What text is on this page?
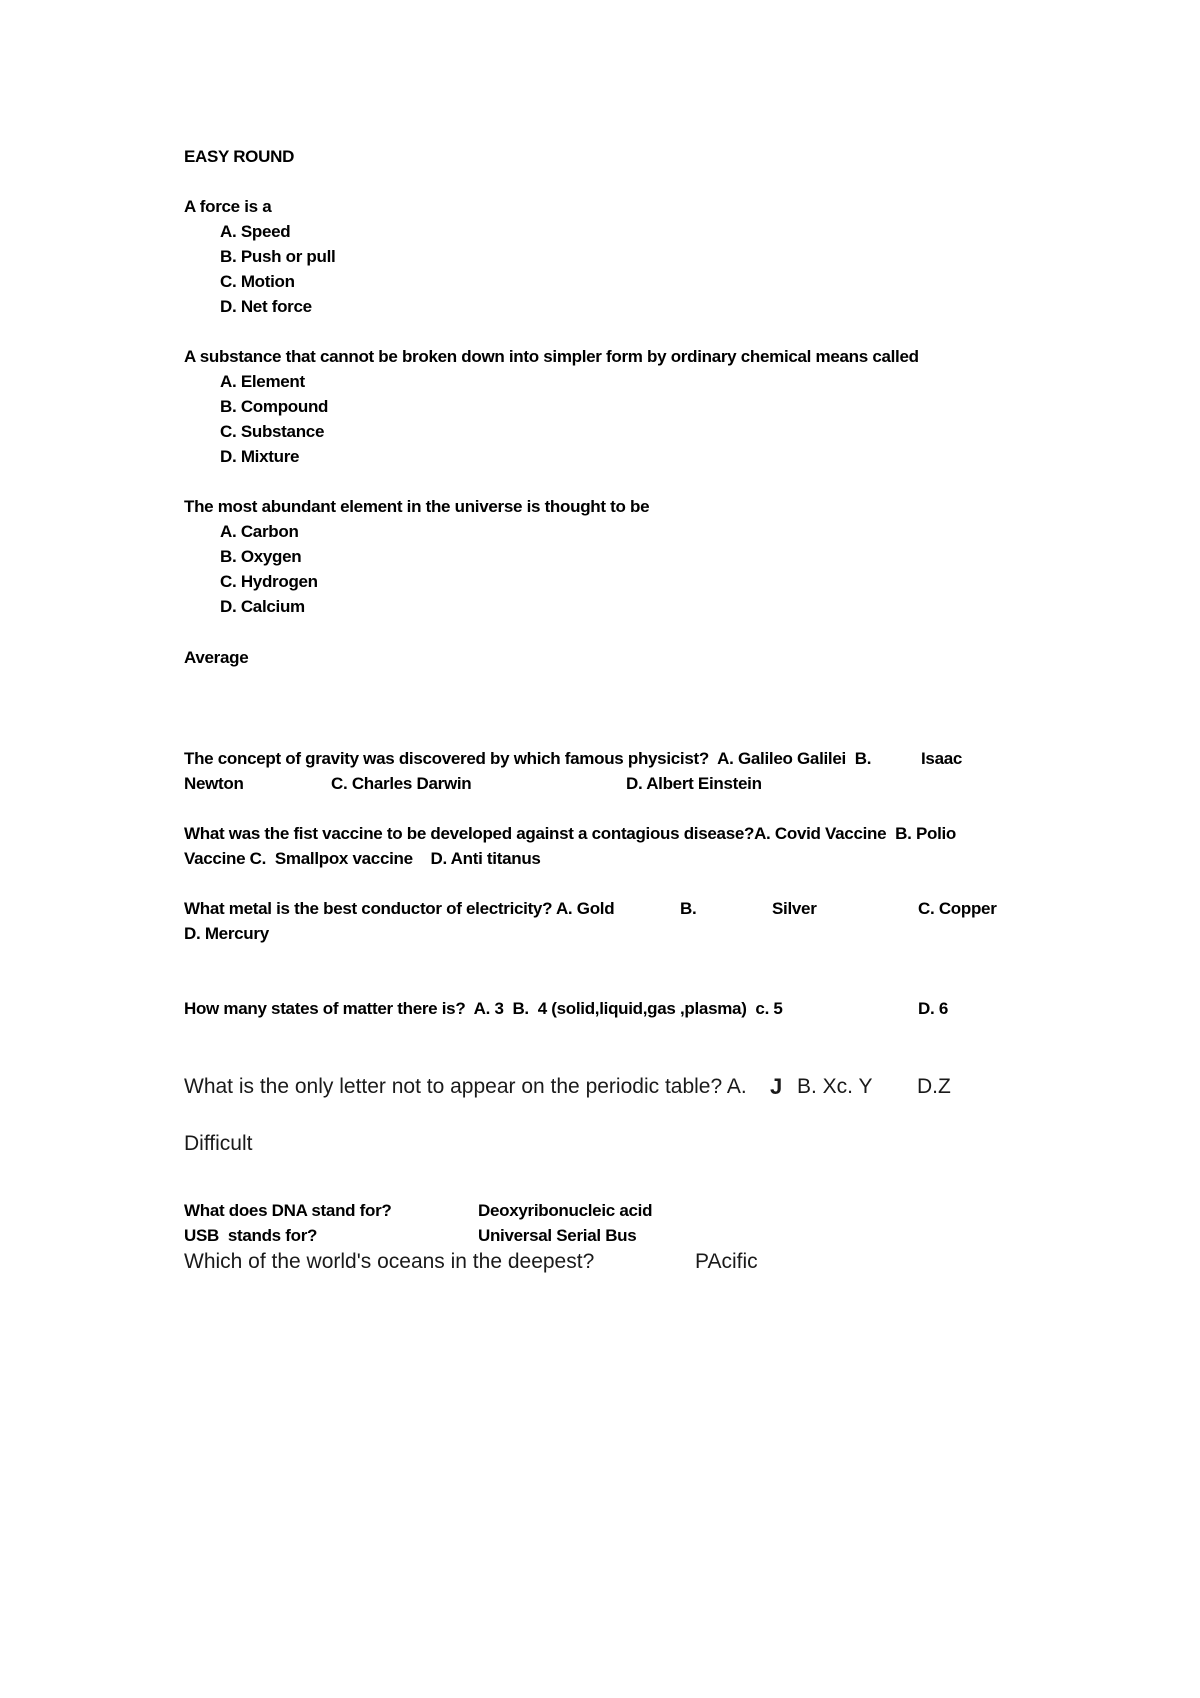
EASY ROUND
A force is a
A. Speed
B. Push or pull
C. Motion
D. Net force
A substance that cannot be broken down into simpler form by ordinary chemical means called
A. Element
B. Compound
C. Substance
D. Mixture
The most abundant element in the universe is thought to be
A. Carbon
B. Oxygen
C. Hydrogen
D. Calcium
Average
The concept of gravity was discovered by which famous physicist?  A. Galileo Galilei  B.	Isaac
Newton	C. Charles Darwin	D. Albert Einstein
What was the fist vaccine to be developed against a contagious disease?A. Covid Vaccine  B. Polio
Vaccine C.  Smallpox vaccine    D. Anti titanus
What metal is the best conductor of electricity? A. Gold	B.	Silver	C. Copper
D. Mercury
How many states of matter there is?  A. 3  B.  4 (solid,liquid,gas ,plasma)  c. 5	D. 6
What is the only letter not to appear on the periodic table? A. J B. Xc. Y D.Z
Difficult
What does DNA stand for?	Deoxyribonucleic acid
USB  stands for?	Universal Serial Bus
Which of the world's oceans in the deepest?	PAcific
